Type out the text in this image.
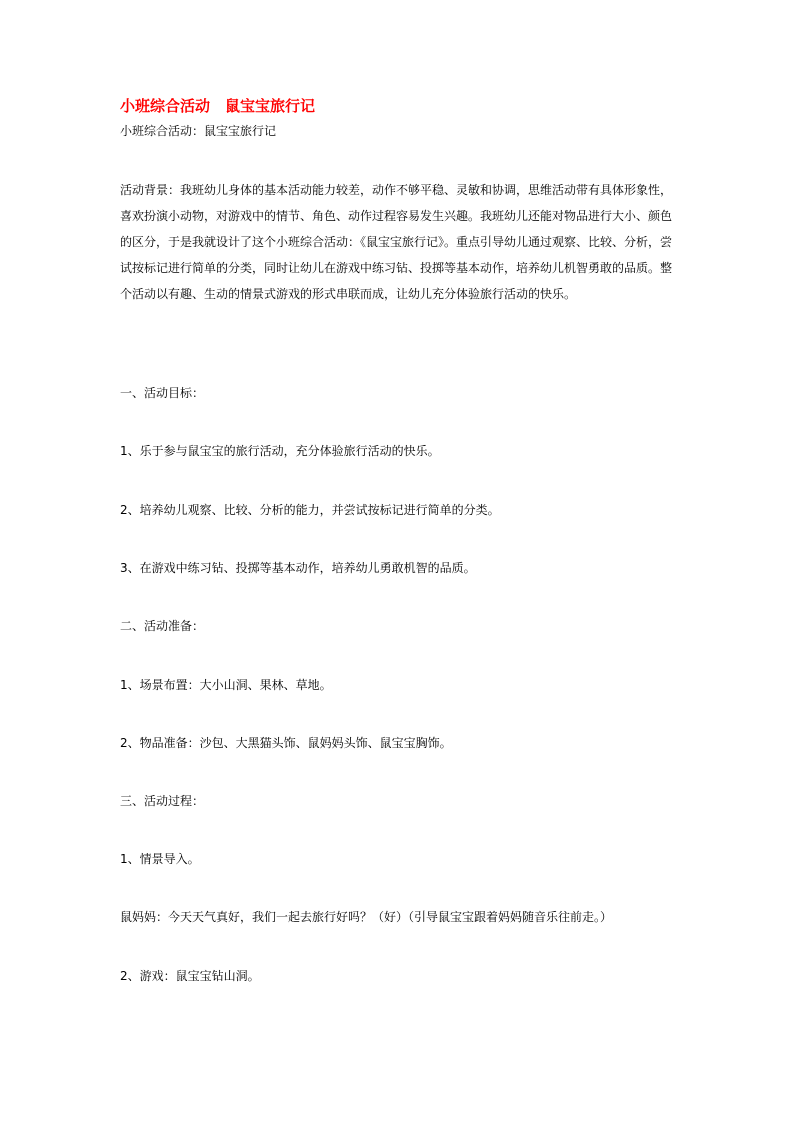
小班综合活动　鼠宝宝旅行记
小班综合活动：鼠宝宝旅行记
活动背景：我班幼儿身体的基本活动能力较差，动作不够平稳、灵敏和协调，思维活动带有具体形象性，喜欢扮演小动物，对游戏中的情节、角色、动作过程容易发生兴趣。我班幼儿还能对物品进行大小、颜色的区分，于是我就设计了这个小班综合活动：《鼠宝宝旅行记》。重点引导幼儿通过观察、比较、分析，尝试按标记进行简单的分类，同时让幼儿在游戏中练习钻、投掷等基本动作，培养幼儿机智勇敢的品质。整个活动以有趣、生动的情景式游戏的形式串联而成，让幼儿充分体验旅行活动的快乐。
一、活动目标：
1、乐于参与鼠宝宝的旅行活动，充分体验旅行活动的快乐。
2、培养幼儿观察、比较、分析的能力，并尝试按标记进行简单的分类。
3、在游戏中练习钻、投掷等基本动作，培养幼儿勇敢机智的品质。
二、活动准备：
1、场景布置：大小山洞、果林、草地。
2、物品准备：沙包、大黑猫头饰、鼠妈妈头饰、鼠宝宝胸饰。
三、活动过程：
1、情景导入。
鼠妈妈：今天天气真好，我们一起去旅行好吗？（好）（引导鼠宝宝跟着妈妈随音乐往前走。）
2、游戏：鼠宝宝钻山洞。
